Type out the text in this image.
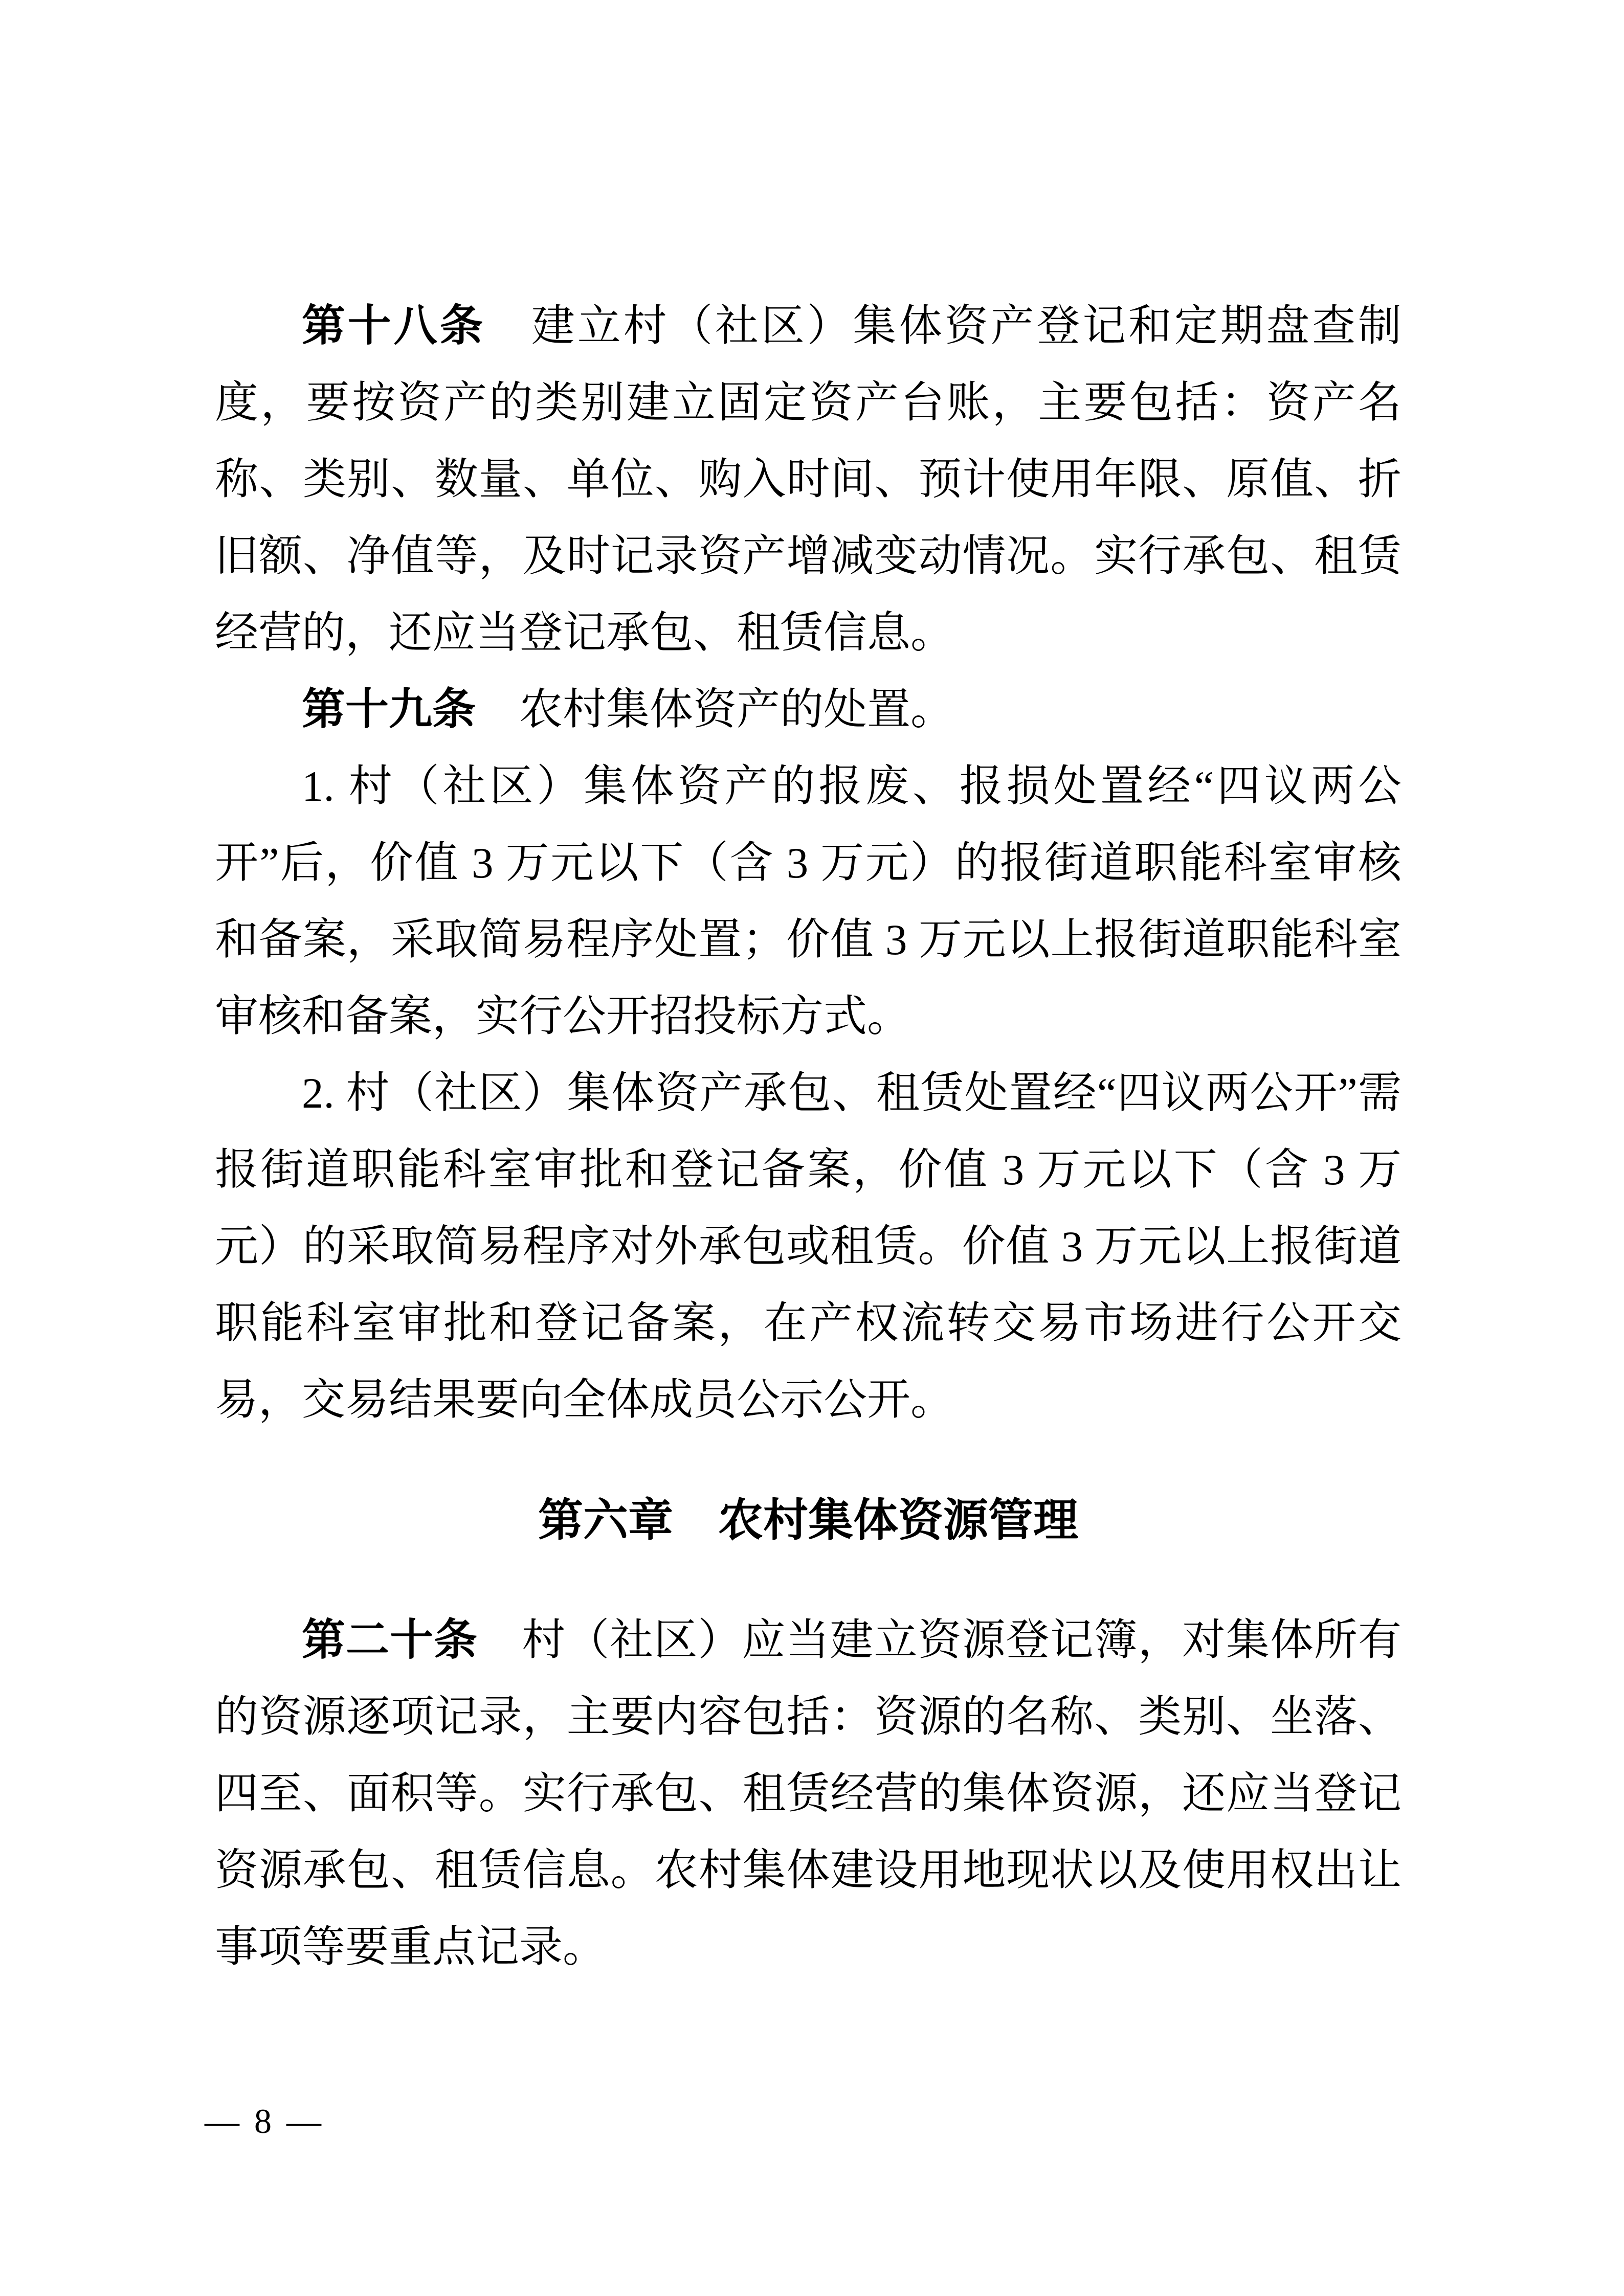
第十八条　建立村（社区）集体资产登记和定期盘查制度，要按资产的类别建立固定资产台账，主要包括：资产名称、类别、数量、单位、购入时间、预计使用年限、原值、折旧额、净值等，及时记录资产增减变动情况。实行承包、租赁经营的，还应当登记承包、租赁信息。

第十九条　农村集体资产的处置。

1. 村（社区）集体资产的报废、报损处置经“四议两公开”后，价值 3 万元以下（含 3 万元）的报街道职能科室审核和备案，采取简易程序处置；价值 3 万元以上报街道职能科室审核和备案，实行公开招投标方式。

2. 村（社区）集体资产承包、租赁处置经“四议两公开”需报街道职能科室审批和登记备案，价值 3 万元以下（含 3 万元）的采取简易程序对外承包或租赁。价值 3 万元以上报街道职能科室审批和登记备案，在产权流转交易市场进行公开交易，交易结果要向全体成员公示公开。

第六章　农村集体资源管理

第二十条　村（社区）应当建立资源登记簿，对集体所有的资源逐项记录，主要内容包括：资源的名称、类别、坐落、四至、面积等。实行承包、租赁经营的集体资源，还应当登记资源承包、租赁信息。农村集体建设用地现状以及使用权出让事项等要重点记录。

— 8 —
